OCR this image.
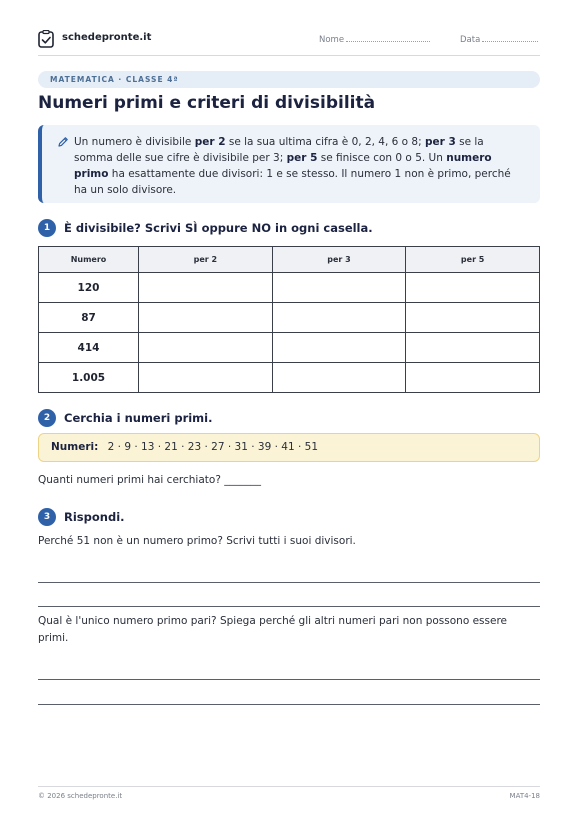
schedepronte.it	Nome	Data
MATEMATICA · CLASSE 4ª
Numeri primi e criteri di divisibilità
Un numero è divisibile per 2 se la sua ultima cifra è 0, 2, 4, 6 o 8; per 3 se la somma delle sue cifre è divisibile per 3; per 5 se finisce con 0 o 5. Un numero primo ha esattamente due divisori: 1 e se stesso. Il numero 1 non è primo, perché ha un solo divisore.
1	È divisibile? Scrivi SÌ oppure NO in ogni casella.
Numero	per 2	per 3	per 5
120			
87			
414			
1.005			
2	Cerchia i numeri primi.
Numeri: 2 · 9 · 13 · 21 · 23 · 27 · 31 · 39 · 41 · 51
Quanti numeri primi hai cerchiato? _______
3	Rispondi.
Perché 51 non è un numero primo? Scrivi tutti i suoi divisori.
Qual è l'unico numero primo pari? Spiega perché gli altri numeri pari non possono essere primi.
© 2026 schedepronte.it	MAT4-18
